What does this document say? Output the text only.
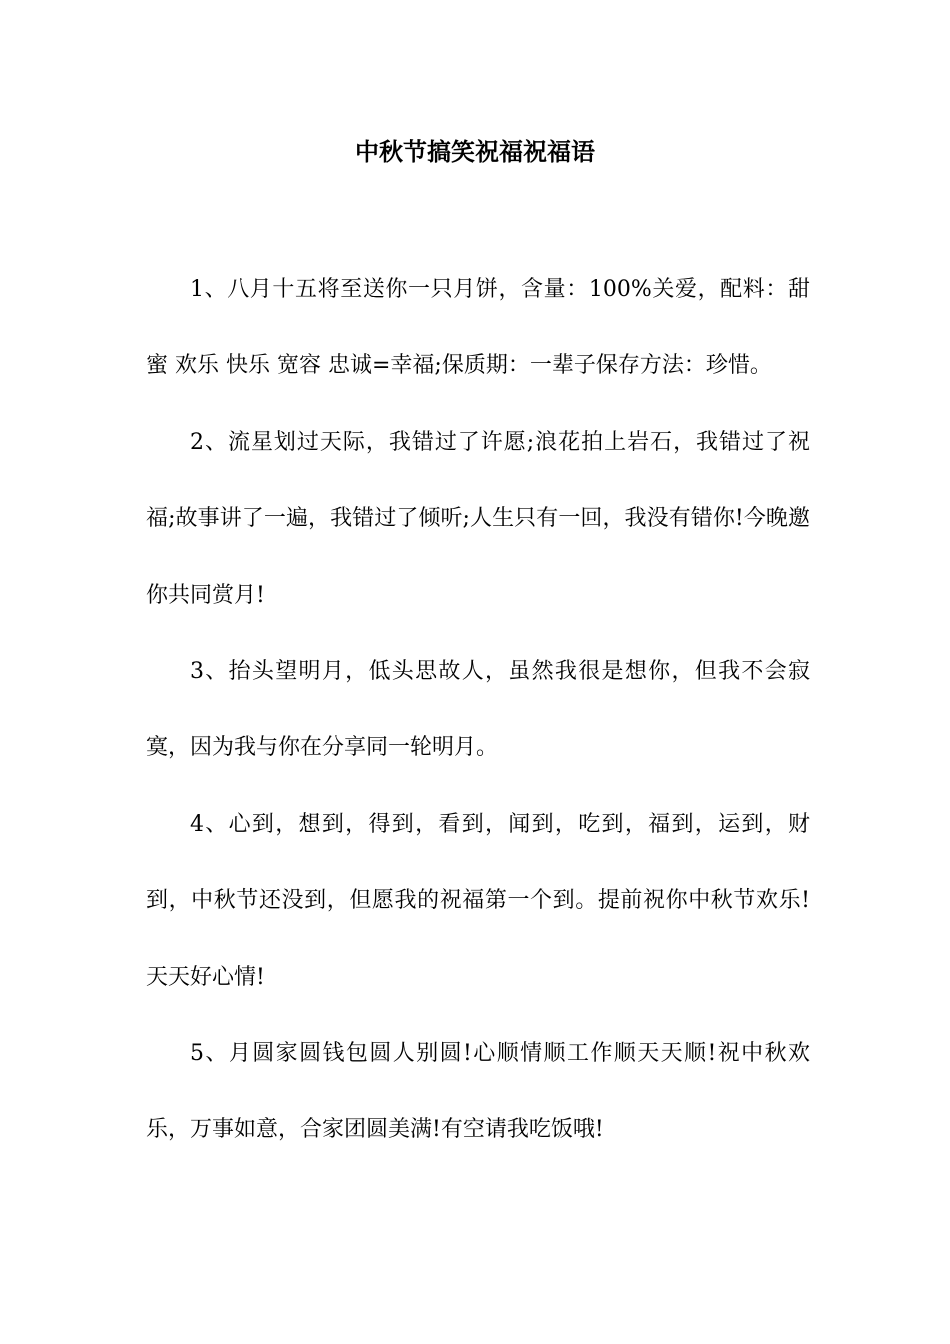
中秋节搞笑祝福祝福语

1、八月十五将至送你一只月饼，含量：100%关爱，配料：甜蜜 欢乐 快乐 宽容 忠诚=幸福;保质期：一辈子保存方法：珍惜。

2、流星划过天际，我错过了许愿;浪花拍上岩石，我错过了祝福;故事讲了一遍，我错过了倾听;人生只有一回，我没有错你!今晚邀你共同赏月!

3、抬头望明月，低头思故人，虽然我很是想你，但我不会寂寞，因为我与你在分享同一轮明月。

4、心到，想到，得到，看到，闻到，吃到，福到，运到，财到，中秋节还没到，但愿我的祝福第一个到。提前祝你中秋节欢乐!天天好心情!

5、月圆家圆钱包圆人别圆!心顺情顺工作顺天天顺!祝中秋欢乐，万事如意，合家团圆美满!有空请我吃饭哦!
